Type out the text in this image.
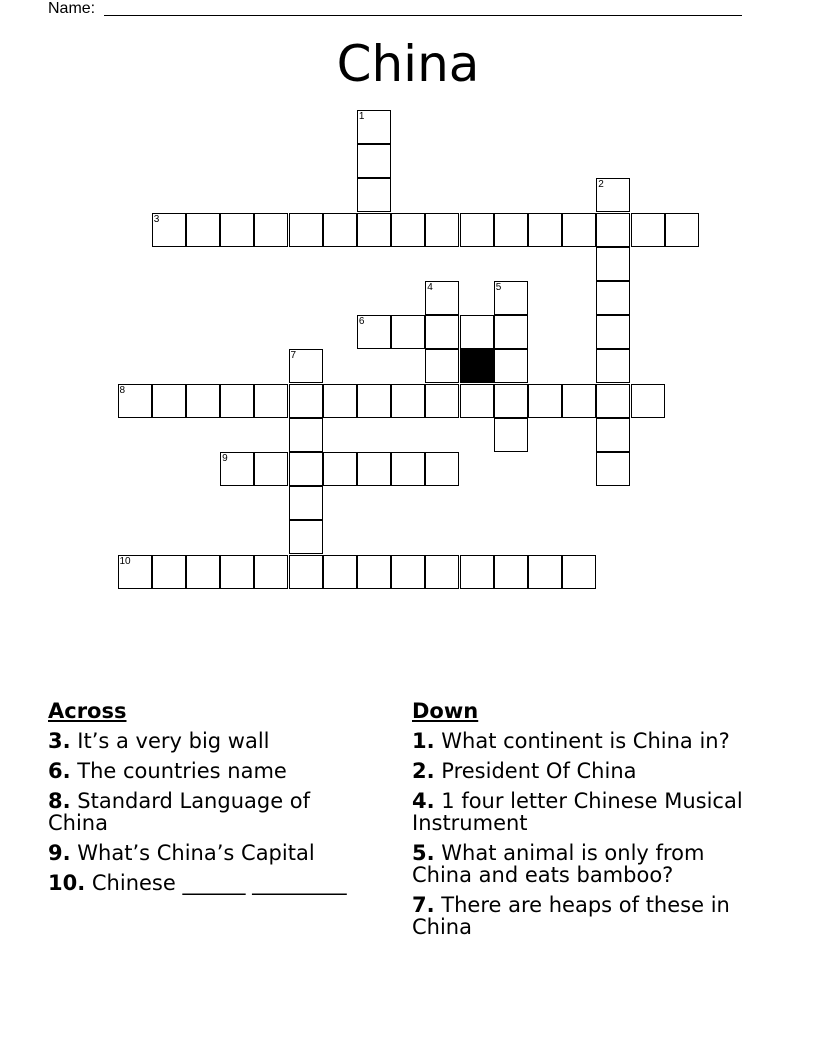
Name:
China
1
2
3
4	5
6
7
8
9
10
Across
3. It’s a very big wall
6. The countries name
8. Standard Language of China
9. What’s China’s Capital
10. Chinese ______ _________
Down
1. What continent is China in?
2. President Of China
4. 1 four letter Chinese Musical Instrument
5. What animal is only from China and eats bamboo?
7. There are heaps of these in China
